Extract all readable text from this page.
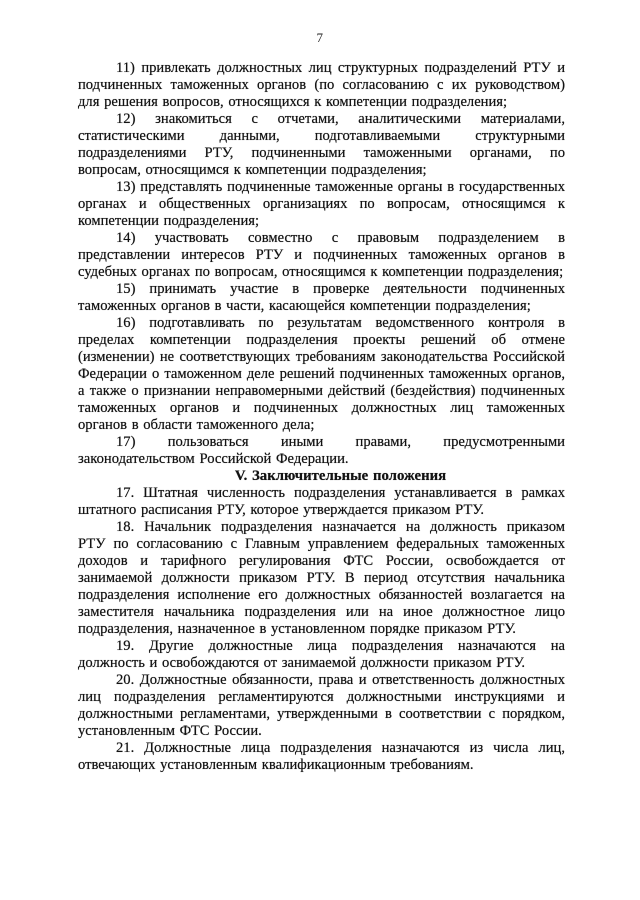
7

11) привлекать должностных лиц структурных подразделений РТУ и подчиненных таможенных органов (по согласованию с их руководством) для решения вопросов, относящихся к компетенции подразделения;

12) знакомиться с отчетами, аналитическими материалами, статистическими данными, подготавливаемыми структурными подразделениями РТУ, подчиненными таможенными органами, по вопросам, относящимся к компетенции подразделения;

13) представлять подчиненные таможенные органы в государственных органах и общественных организациях по вопросам, относящимся к компетенции подразделения;

14) участвовать совместно с правовым подразделением в представлении интересов РТУ и подчиненных таможенных органов в судебных органах по вопросам, относящимся к компетенции подразделения;

15) принимать участие в проверке деятельности подчиненных таможенных органов в части, касающейся компетенции подразделения;

16) подготавливать по результатам ведомственного контроля в пределах компетенции подразделения проекты решений об отмене (изменении) не соответствующих требованиям законодательства Российской Федерации о таможенном деле решений подчиненных таможенных органов, а также о признании неправомерными действий (бездействия) подчиненных таможенных органов и подчиненных должностных лиц таможенных органов в области таможенного дела;

17) пользоваться иными правами, предусмотренными законодательством Российской Федерации.

V. Заключительные положения

17. Штатная численность подразделения устанавливается в рамках штатного расписания РТУ, которое утверждается приказом РТУ.

18. Начальник подразделения назначается на должность приказом РТУ по согласованию с Главным управлением федеральных таможенных доходов и тарифного регулирования ФТС России, освобождается от занимаемой должности приказом РТУ. В период отсутствия начальника подразделения исполнение его должностных обязанностей возлагается на заместителя начальника подразделения или на иное должностное лицо подразделения, назначенное в установленном порядке приказом РТУ.

19. Другие должностные лица подразделения назначаются на должность и освобождаются от занимаемой должности приказом РТУ.

20. Должностные обязанности, права и ответственность должностных лиц подразделения регламентируются должностными инструкциями и должностными регламентами, утвержденными в соответствии с порядком, установленным ФТС России.

21. Должностные лица подразделения назначаются из числа лиц, отвечающих установленным квалификационным требованиям.
